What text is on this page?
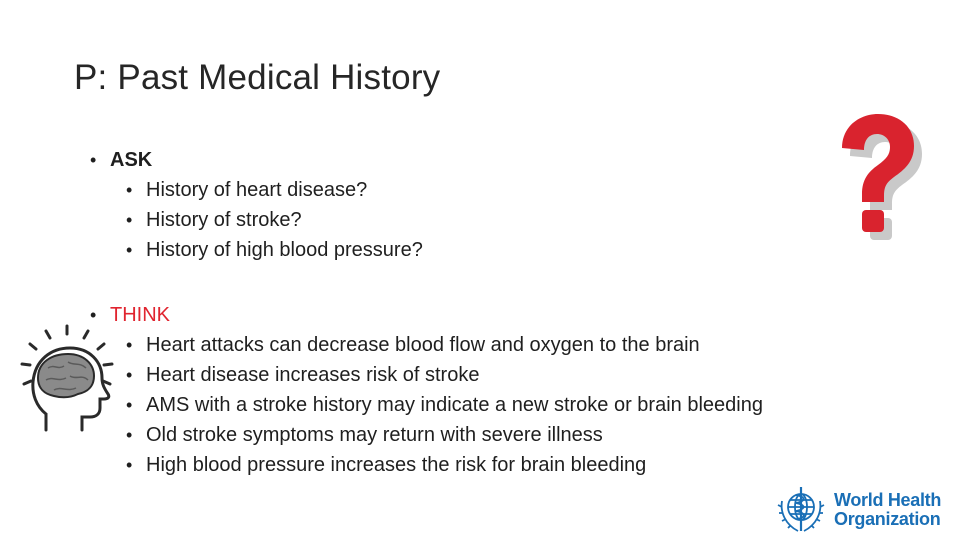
P: Past Medical History
• ASK
• History of heart disease?
• History of stroke?
• History of high blood pressure?
• THINK
• Heart attacks can decrease blood flow and oxygen to the brain
• Heart disease increases risk of stroke
• AMS with a stroke history may indicate a new stroke or brain bleeding
• Old stroke symptoms may return with severe illness
• High blood pressure increases the risk for brain bleeding
World Health
Organization
